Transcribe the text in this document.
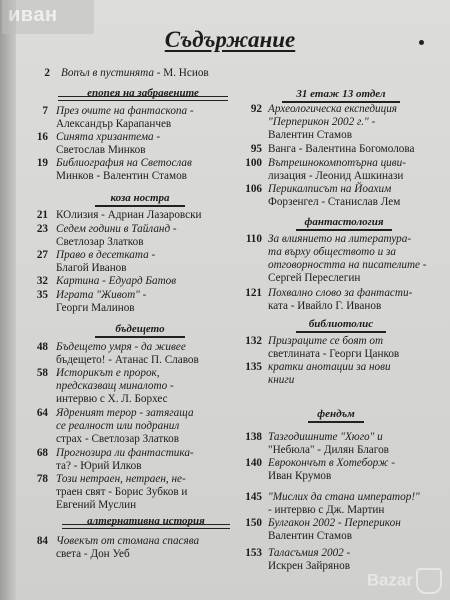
Съдържание
2 Вопъл в пустинята - М. Нсиов
епопея на забравените
7 През очите на фантаскопа -
Александър Карапанчев
16 Синята хризантема -
Светослав Минков
19 Библиография на Светослав
Минков - Валентин Стамов
коза ностра
21 КОлизия - Адриан Лазаровски
23 Седем години в Тайланд -
Светлозар Златков
27 Право в десетката -
Благой Иванов
32 Картина - Едуард Батов
35 Играта "Живот" -
Георги Малинов
бъдещето
48 Бъдещето умря - да живее
бъдещето! - Атанас П. Славов
58 Историкът е пророк,
предсказващ миналото -
интервю с Х. Л. Борхес
64 Ядреният терор - затягаща
се реалност или подранил
страх - Светлозар Златков
68 Прогнозира ли фантастика-
та? - Юрий Илков
78 Този нетраен, нетраен, не-
траен свят - Борис Зубков и
Евгений Муслин
алтернативна история
84 Човекът от стомана спасява
света - Дон Уеб
31 етаж 13 отдел
92 Археологическа експедиция
"Перперикон 2002 г." -
Валентин Стамов
95 Ванга - Валентина Богомолова
100 Вътрешнокомпотърна циви-
лизация - Леонид Ашкинази
106 Перикалписът на Йоахим
Форзенгел - Станислав Лем
фантастология
110 За влиянието на литература-
та върху обществото и за
отговорността на писателите -
Сергей Переслегин
121 Похвално слово за фантасти-
ката - Ивайло Г. Иванов
библиотолис
132 Призраците се боят от
светлината - Георги Цанков
135 кратки анотации за нови
книги
фендъм
138 Тазгодишните "Хюго" и
"Небюла" - Дилян Благов
140 Еврокончът в Хотеборж -
Иван Крумов
145 "Мислих да стана император!"
- интервю с Дж. Мартин
150 Булгакон 2002 - Перперикон
Валентин Стамов
153 Таласъмия 2002 -
Искрен Зайрянов
иван
Bazar
